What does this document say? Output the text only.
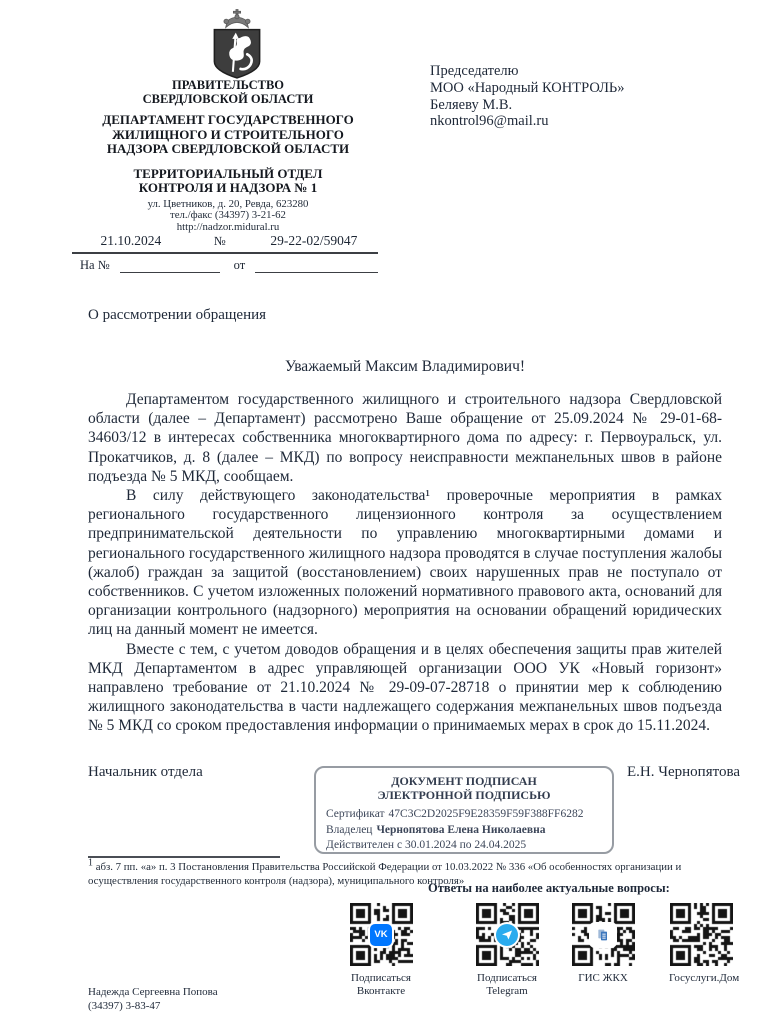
ПРАВИТЕЛЬСТВО
СВЕРДЛОВСКОЙ ОБЛАСТИ
ДЕПАРТАМЕНТ ГОСУДАРСТВЕННОГО
ЖИЛИЩНОГО И СТРОИТЕЛЬНОГО
НАДЗОРА СВЕРДЛОВСКОЙ ОБЛАСТИ
ТЕРРИТОРИАЛЬНЫЙ ОТДЕЛ
КОНТРОЛЯ И НАДЗОРА № 1
ул. Цветников, д. 20, Ревда, 623280
тел./факс (34397) 3-21-62
http://nadzor.midural.ru
21.10.2024	№	29-22-02/59047
На №	от
Председателю
МОО «Народный КОНТРОЛЬ»
Беляеву М.В.
nkontrol96@mail.ru
О рассмотрении обращения
Уважаемый Максим Владимирович!

Департаментом государственного жилищного и строительного надзора Свердловской области (далее – Департамент) рассмотрено Ваше обращение от 25.09.2024 № 29-01-68-34603/12 в интересах собственника многоквартирного дома по адресу: г. Первоуральск, ул. Прокатчиков, д. 8 (далее – МКД) по вопросу неисправности межпанельных швов в районе подъезда № 5 МКД, сообщаем.

В силу действующего законодательства¹ проверочные мероприятия в рамках регионального государственного лицензионного контроля за осуществлением предпринимательской деятельности по управлению многоквартирными домами и регионального государственного жилищного надзора проводятся в случае поступления жалобы (жалоб) граждан за защитой (восстановлением) своих нарушенных прав не поступало от собственников. С учетом изложенных положений нормативного правового акта, оснований для организации контрольного (надзорного) мероприятия на основании обращений юридических лиц на данный момент не имеется.

Вместе с тем, с учетом доводов обращения и в целях обеспечения защиты прав жителей МКД Департаментом в адрес управляющей организации ООО УК «Новый горизонт» направлено требование от 21.10.2024 № 29-09-07-28718 о принятии мер к соблюдению жилищного законодательства в части надлежащего содержания межпанельных швов подъезда № 5 МКД со сроком предоставления информации о принимаемых мерах в срок до 15.11.2024.

Начальник отдела	Е.Н. Чернопятова
ДОКУМЕНТ ПОДПИСАН
ЭЛЕКТРОННОЙ ПОДПИСЬЮ
Сертификат 47C3C2D2025F9E28359F59F388FF6282
Владелец Чернопятова Елена Николаевна
Действителен с 30.01.2024 по 24.04.2025
$^1$ абз. 7 пп. «а» п. 3 Постановления Правительства Российской Федерации от 10.03.2022 № 336 «Об особенностях организации и осуществления государственного контроля (надзора), муниципального контроля»
Ответы на наиболее актуальные вопросы:
VK
Подписаться
Вконтакте
Подписаться
Telegram
ГИС ЖКХ	Госуслуги.Дом
Надежда Сергеевна Попова
(34397) 3-83-47
